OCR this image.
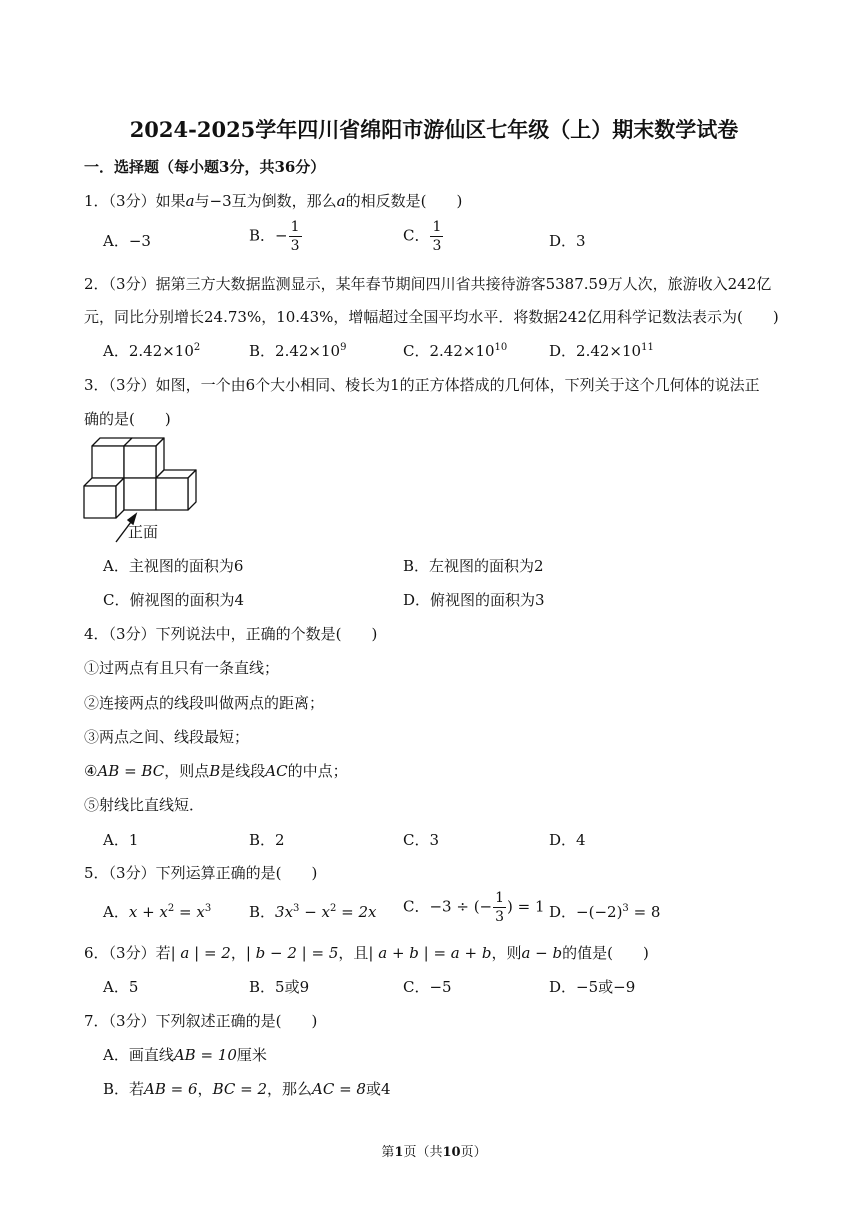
2024-2025学年四川省绵阳市游仙区七年级（上）期末数学试卷
一．选择题（每小题3分，共36分）
1．（3分）如果a与−3互为倒数，那么a的相反数是(　　)
A．−3	B．− $\frac{1}{3}$	C． $\frac{1}{3}$	D．3
2．（3分）据第三方大数据监测显示，某年春节期间四川省共接待游客5387.59万人次，旅游收入242亿
元，同比分别增长24.73%，10.43%，增幅超过全国平均水平．将数据242亿用科学记数法表示为(　　)
A．$2.42\times 10^2$	B．$2.42\times 10^9$	C．$2.42\times 10^{10}$	D．$2.42\times 10^{11}$
3．（3分）如图，一个由6个大小相同、棱长为1的正方体搭成的几何体，下列关于这个几何体的说法正
确的是(　　)
正面
A．主视图的面积为6	B．左视图的面积为2
C．俯视图的面积为4	D．俯视图的面积为3
4．（3分）下列说法中，正确的个数是(　　)
①过两点有且只有一条直线；
②连接两点的线段叫做两点的距离；
③两点之间、线段最短；
④AB = BC，则点B是线段AC的中点；
⑤射线比直线短．
A．1	B．2	C．3	D．4
5．（3分）下列运算正确的是(　　)
A．$x + x^2 = x^3$	B．$3x^3 - x^2 = 2x$ C．−3 ÷ (− $\frac{1}{3}$ ) = 1 D．$-(-2)^3 = 8$
6．（3分）若| a | = 2，| b − 2 | = 5，且| a + b | = a + b，则a − b的值是(　　)
A．5	B．5或9	C．−5	D．−5或−9
7．（3分）下列叙述正确的是(　　)
A．画直线AB = 10厘米
B．若AB = 6，BC = 2，那么AC = 8或4
第1页（共10页）
